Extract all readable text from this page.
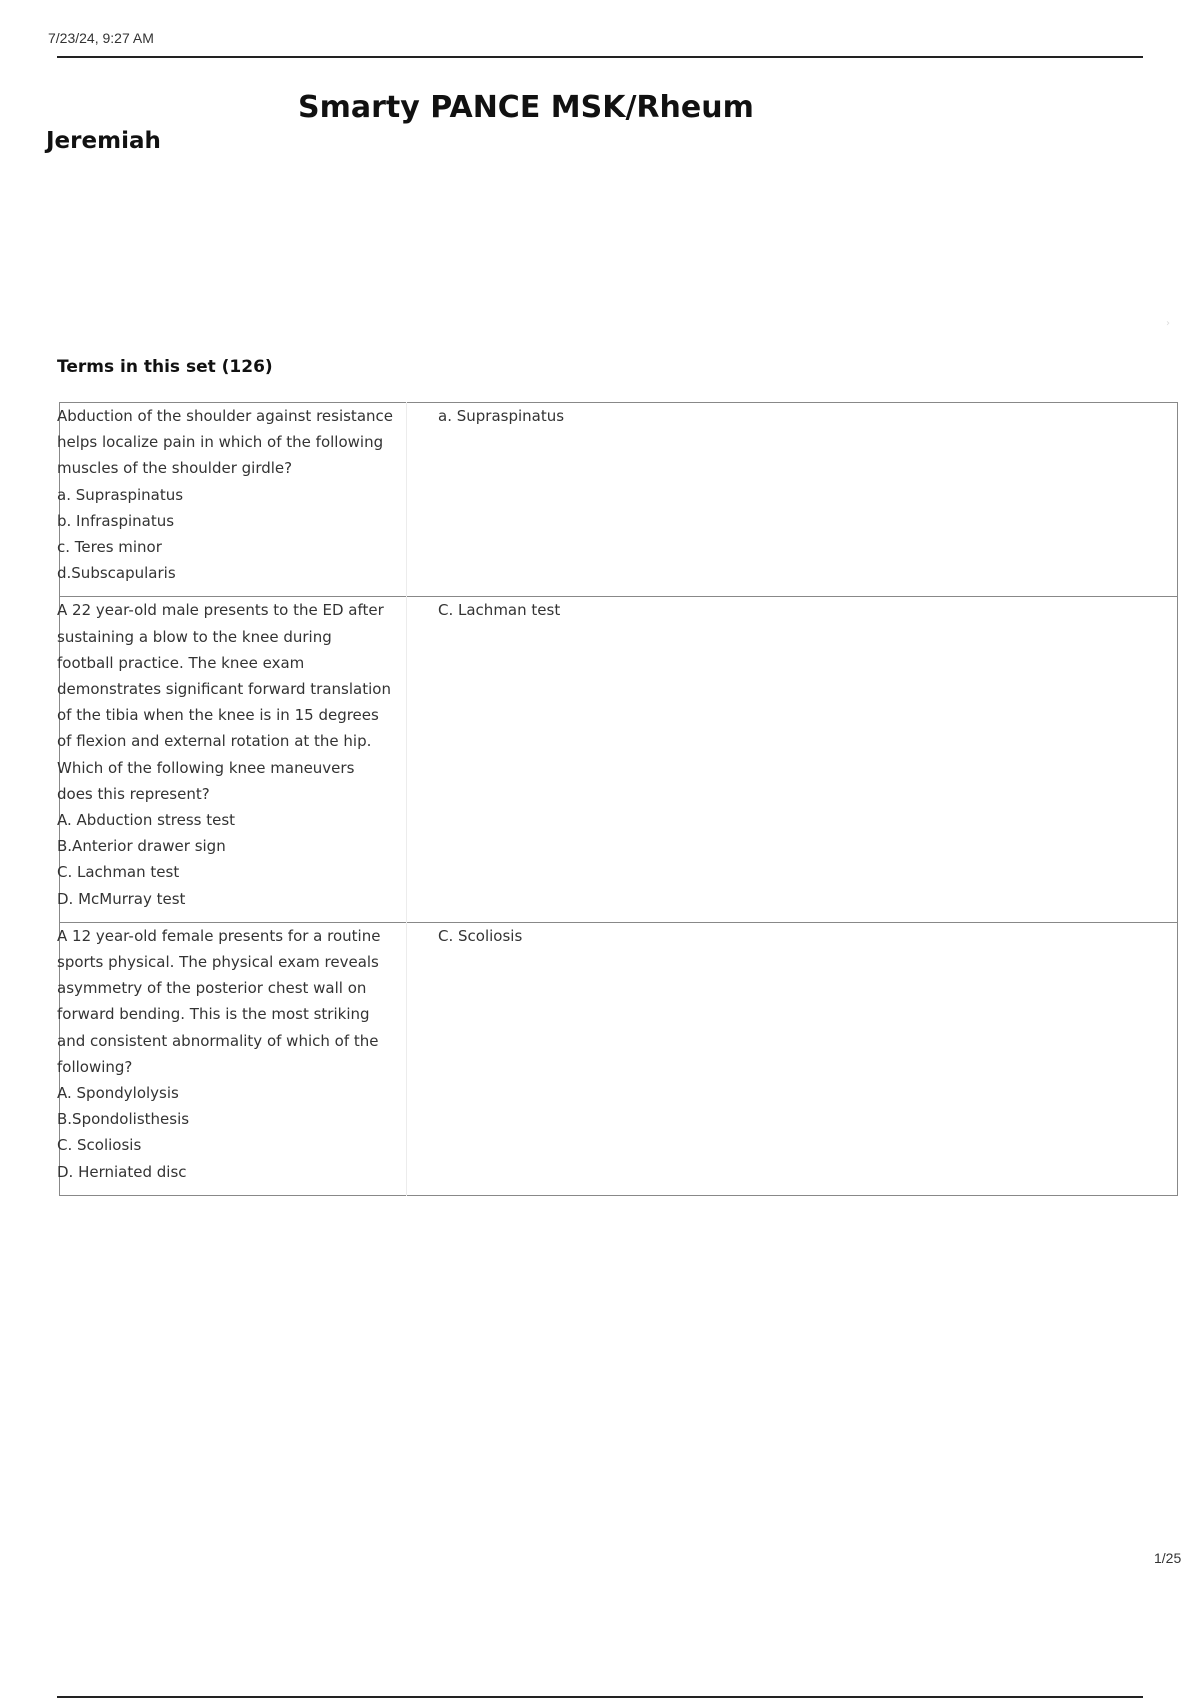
7/23/24, 9:27 AM
Smarty PANCE MSK/Rheum
Jeremiah
›
Terms in this set (126)
Abduction of the shoulder against resistance helps localize pain in which of the following muscles of the shoulder girdle?
a. Supraspinatus
b. Infraspinatus
c. Teres minor
d.Subscapularis	a. Supraspinatus

A 22 year-old male presents to the ED after sustaining a blow to the knee during football practice. The knee exam demonstrates significant forward translation of the tibia when the knee is in 15 degrees of flexion and external rotation at the hip. Which of the following knee maneuvers does this represent?
A. Abduction stress test
B.Anterior drawer sign
C. Lachman test
D. McMurray test	C. Lachman test

A 12 year-old female presents for a routine sports physical. The physical exam reveals asymmetry of the posterior chest wall on forward bending. This is the most striking and consistent abnormality of which of the following?
A. Spondylolysis
B.Spondolisthesis
C. Scoliosis
D. Herniated disc	C. Scoliosis
1/25
